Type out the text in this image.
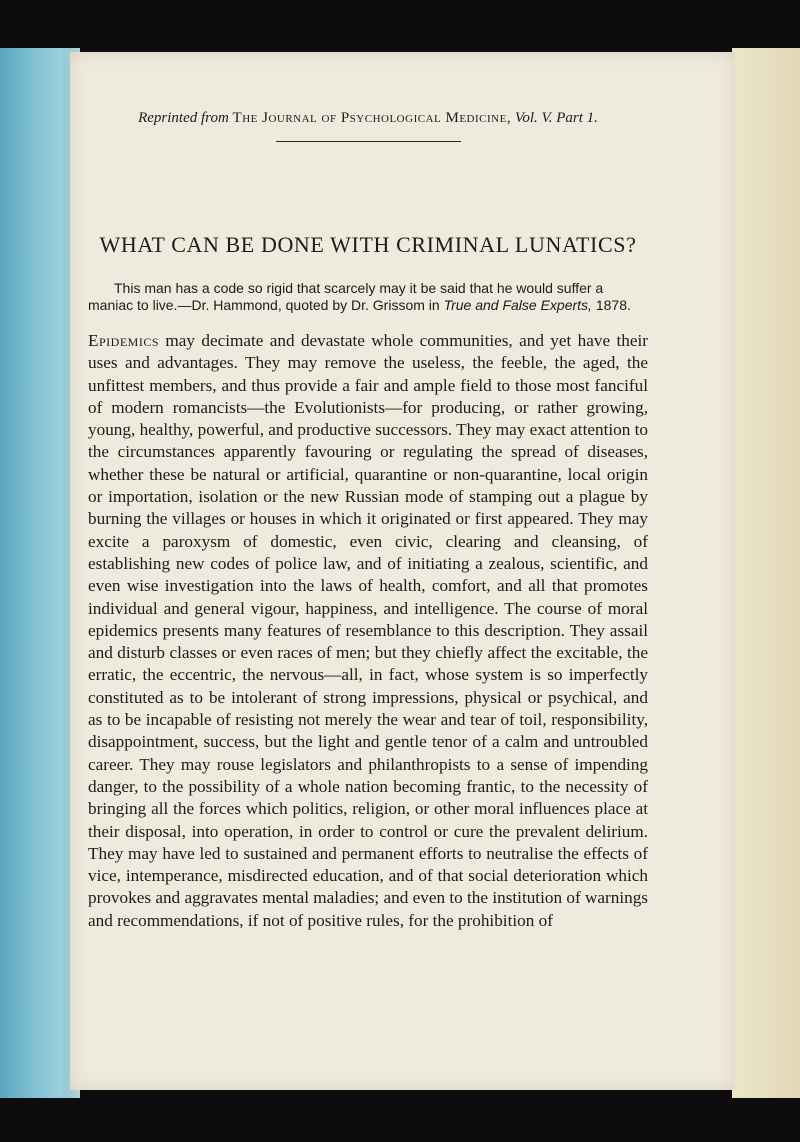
Reprinted from The Journal of Psychological Medicine, Vol. V. Part 1.
WHAT CAN BE DONE WITH CRIMINAL LUNATICS?

This man has a code so rigid that scarcely may it be said that he would suffer a maniac to live.—Dr. Hammond, quoted by Dr. Grissom in True and False Experts, 1878.

Epidemics may decimate and devastate whole communities, and yet have their uses and advantages. They may remove the useless, the feeble, the aged, the unfittest members, and thus provide a fair and ample field to those most fanciful of modern romancists—the Evolutionists—for producing, or rather growing, young, healthy, powerful, and productive successors. They may exact attention to the circumstances apparently favouring or regulating the spread of diseases, whether these be natural or artificial, quarantine or non-quarantine, local origin or importation, isolation or the new Russian mode of stamping out a plague by burning the villages or houses in which it originated or first appeared. They may excite a paroxysm of domestic, even civic, clearing and cleansing, of establishing new codes of police law, and of initiating a zealous, scientific, and even wise investigation into the laws of health, comfort, and all that promotes individual and general vigour, happiness, and intelligence. The course of moral epidemics presents many features of resemblance to this description. They assail and disturb classes or even races of men; but they chiefly affect the excitable, the erratic, the eccentric, the nervous—all, in fact, whose system is so imperfectly constituted as to be intolerant of strong impressions, physical or psychical, and as to be incapable of resisting not merely the wear and tear of toil, responsibility, disappointment, success, but the light and gentle tenor of a calm and untroubled career. They may rouse legislators and philanthropists to a sense of impending danger, to the possibility of a whole nation becoming frantic, to the necessity of bringing all the forces which politics, religion, or other moral influences place at their disposal, into operation, in order to control or cure the prevalent delirium. They may have led to sustained and permanent efforts to neutralise the effects of vice, intemperance, misdirected education, and of that social deterioration which provokes and aggravates mental maladies; and even to the institution of warnings and recommendations, if not of positive rules, for the prohibition of
